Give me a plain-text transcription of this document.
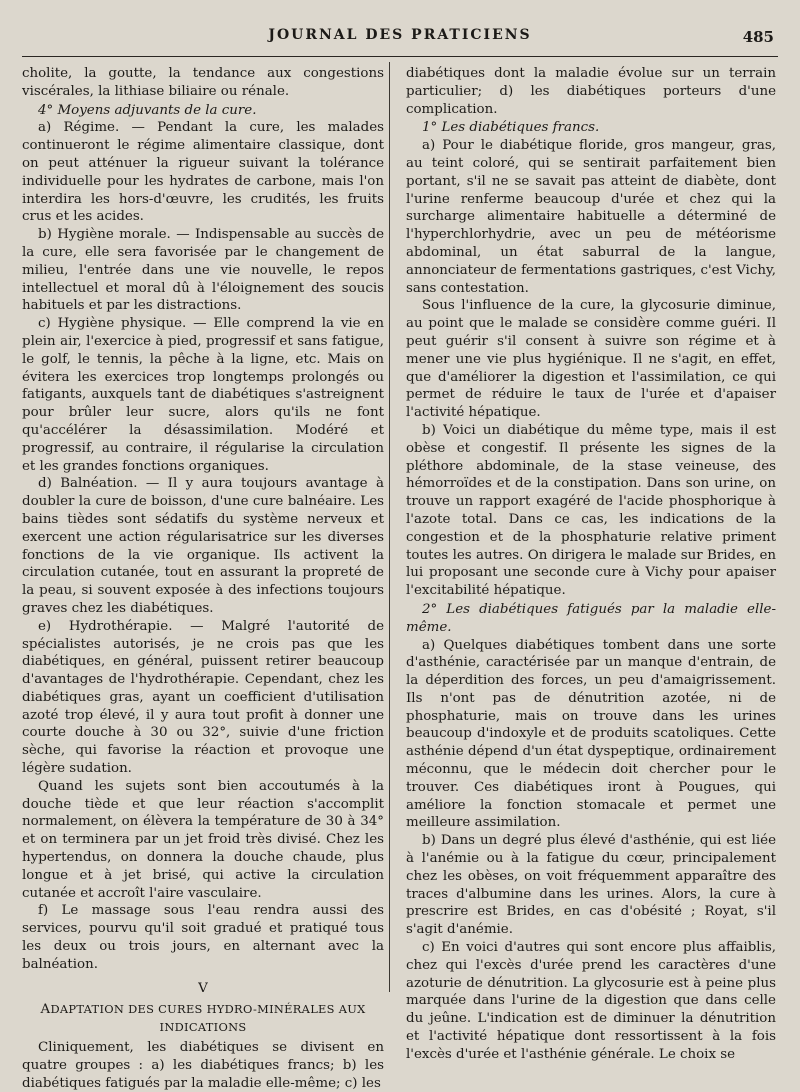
JOURNAL DES PRATICIENS	485

cholite, la goutte, la tendance aux congestions viscérales, la lithiase biliaire ou rénale.

4° Moyens adjuvants de la cure.

a) Régime. — Pendant la cure, les malades continueront le régime alimentaire classique, dont on peut atténuer la rigueur suivant la tolérance individuelle pour les hydrates de carbone, mais l'on interdira les hors-d'œuvre, les crudités, les fruits crus et les acides.

b) Hygiène morale. — Indispensable au succès de la cure, elle sera favorisée par le changement de milieu, l'entrée dans une vie nouvelle, le repos intellectuel et moral dû à l'éloignement des soucis habituels et par les distractions.

c) Hygiène physique. — Elle comprend la vie en plein air, l'exercice à pied, progressif et sans fatigue, le golf, le tennis, la pêche à la ligne, etc. Mais on évitera les exercices trop longtemps prolongés ou fatigants, auxquels tant de diabétiques s'astreignent pour brûler leur sucre, alors qu'ils ne font qu'accélérer la désassimilation. Modéré et progressif, au contraire, il régularise la circulation et les grandes fonctions organiques.

d) Balnéation. — Il y aura toujours avantage à doubler la cure de boisson, d'une cure balnéaire. Les bains tièdes sont sédatifs du système nerveux et exercent une action régularisatrice sur les diverses fonctions de la vie organique. Ils activent la circulation cutanée, tout en assurant la propreté de la peau, si souvent exposée à des infections toujours graves chez les diabétiques.

e) Hydrothérapie. — Malgré l'autorité de spécialistes autorisés, je ne crois pas que les diabétiques, en général, puissent retirer beaucoup d'avantages de l'hydrothérapie. Cependant, chez les diabétiques gras, ayant un coefficient d'utilisation azoté trop élevé, il y aura tout profit à donner une courte douche à 30 ou 32°, suivie d'une friction sèche, qui favorise la réaction et provoque une légère sudation.

Quand les sujets sont bien accoutumés à la douche tiède et que leur réaction s'accomplit normalement, on élèvera la température de 30 à 34° et on terminera par un jet froid très divisé. Chez les hypertendus, on donnera la douche chaude, plus longue et à jet brisé, qui active la circulation cutanée et accroît l'aire vasculaire.

f) Le massage sous l'eau rendra aussi des services, pourvu qu'il soit gradué et pratiqué tous les deux ou trois jours, en alternant avec la balnéation.

V

ADAPTATION DES CURES HYDRO-MINÉRALES AUX INDICATIONS

Cliniquement, les diabétiques se divisent en quatre groupes : a) les diabétiques francs; b) les diabétiques fatigués par la maladie elle-même; c) les

diabétiques dont la maladie évolue sur un terrain particulier; d) les diabétiques porteurs d'une complication.

1° Les diabétiques francs.

a) Pour le diabétique floride, gros mangeur, gras, au teint coloré, qui se sentirait parfaitement bien portant, s'il ne se savait pas atteint de diabète, dont l'urine renferme beaucoup d'urée et chez qui la surcharge alimentaire habituelle a déterminé de l'hyperchlorhydrie, avec un peu de météorisme abdominal, un état saburral de la langue, annonciateur de fermentations gastriques, c'est Vichy, sans contestation.

Sous l'influence de la cure, la glycosurie diminue, au point que le malade se considère comme guéri. Il peut guérir s'il consent à suivre son régime et à mener une vie plus hygiénique. Il ne s'agit, en effet, que d'améliorer la digestion et l'assimilation, ce qui permet de réduire le taux de l'urée et d'apaiser l'activité hépatique.

b) Voici un diabétique du même type, mais il est obèse et congestif. Il présente les signes de la pléthore abdominale, de la stase veineuse, des hémorroïdes et de la constipation. Dans son urine, on trouve un rapport exagéré de l'acide phosphorique à l'azote total. Dans ce cas, les indications de la congestion et de la phosphaturie relative priment toutes les autres. On dirigera le malade sur Brides, en lui proposant une seconde cure à Vichy pour apaiser l'excitabilité hépatique.

2° Les diabétiques fatigués par la maladie elle-même.

a) Quelques diabétiques tombent dans une sorte d'asthénie, caractérisée par un manque d'entrain, de la déperdition des forces, un peu d'amaigrissement. Ils n'ont pas de dénutrition azotée, ni de phosphaturie, mais on trouve dans les urines beaucoup d'indoxyle et de produits scatoliques. Cette asthénie dépend d'un état dyspeptique, ordinairement méconnu, que le médecin doit chercher pour le trouver. Ces diabétiques iront à Pougues, qui améliore la fonction stomacale et permet une meilleure assimilation.

b) Dans un degré plus élevé d'asthénie, qui est liée à l'anémie ou à la fatigue du cœur, principalement chez les obèses, on voit fréquemment apparaître des traces d'albumine dans les urines. Alors, la cure à prescrire est Brides, en cas d'obésité ; Royat, s'il s'agit d'anémie.

c) En voici d'autres qui sont encore plus affaiblis, chez qui l'excès d'urée prend les caractères d'une azoturie de dénutrition. La glycosurie est à peine plus marquée dans l'urine de la digestion que dans celle du jeûne. L'indication est de diminuer la dénutrition et l'activité hépatique dont ressortissent à la fois l'excès d'urée et l'asthénie générale. Le choix se
